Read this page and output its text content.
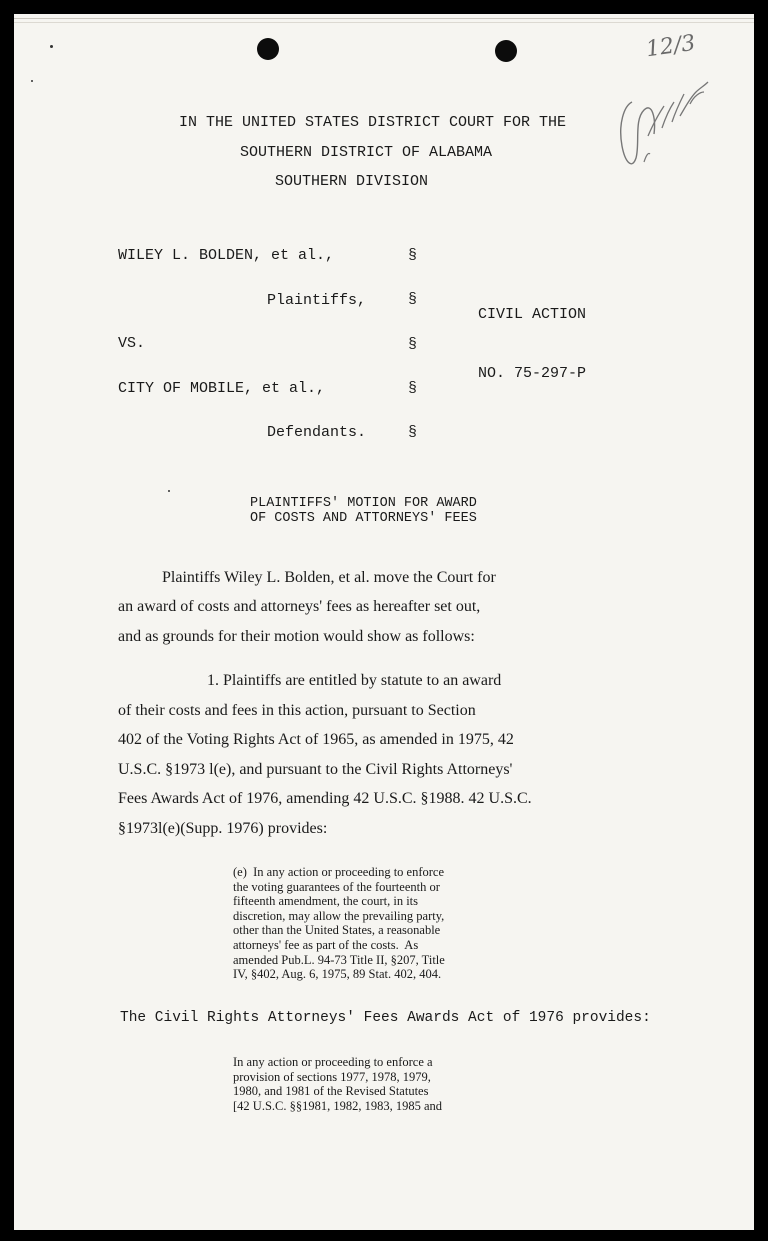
12/3
IN THE UNITED STATES DISTRICT COURT FOR THE
SOUTHERN DISTRICT OF ALABAMA
SOUTHERN DIVISION
WILEY L. BOLDEN, et al.,
Plaintiffs,
VS.
CITY OF MOBILE, et al.,
Defendants.
§
§
§
§
§
CIVIL ACTION
NO. 75-297-P
PLAINTIFFS' MOTION FOR AWARD
OF COSTS AND ATTORNEYS' FEES
Plaintiffs Wiley L. Bolden, et al. move the Court for
an award of costs and attorneys' fees as hereafter set out,
and as grounds for their motion would show as follows:
1. Plaintiffs are entitled by statute to an award
of their costs and fees in this action, pursuant to Section
402 of the Voting Rights Act of 1965, as amended in 1975, 42
U.S.C. §1973 l(e), and pursuant to the Civil Rights Attorneys'
Fees Awards Act of 1976, amending 42 U.S.C. §1988. 42 U.S.C.
§1973l(e)(Supp. 1976) provides:
(e)  In any action or proceeding to enforce
the voting guarantees of the fourteenth or
fifteenth amendment, the court, in its
discretion, may allow the prevailing party,
other than the United States, a reasonable
attorneys' fee as part of the costs.  As
amended Pub.L. 94-73 Title II, §207, Title
IV, §402, Aug. 6, 1975, 89 Stat. 402, 404.
The Civil Rights Attorneys' Fees Awards Act of 1976 provides:
In any action or proceeding to enforce a
provision of sections 1977, 1978, 1979,
1980, and 1981 of the Revised Statutes
[42 U.S.C. §§1981, 1982, 1983, 1985 and
